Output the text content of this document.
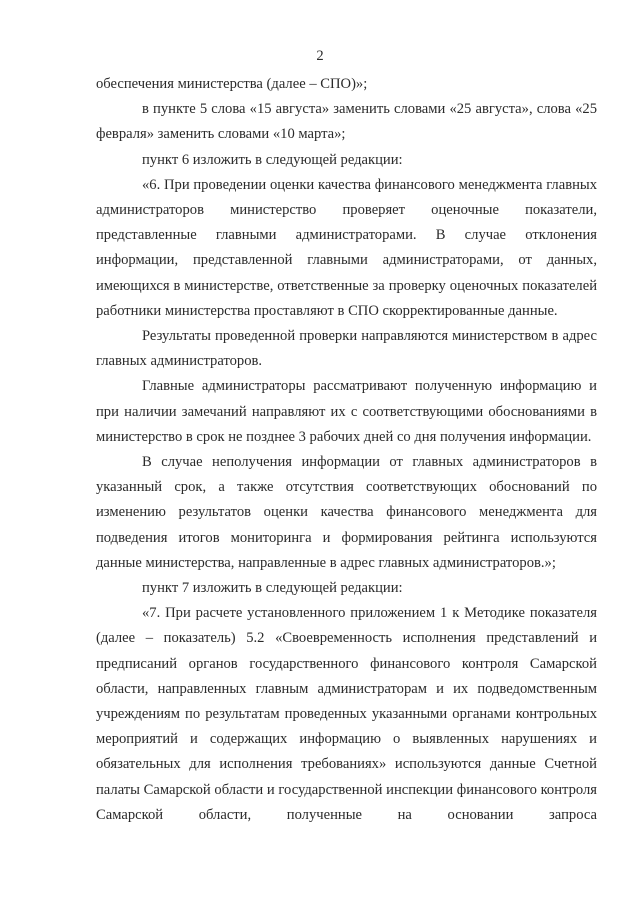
2

обеспечения министерства (далее – СПО)»;

в пункте 5 слова «15 августа» заменить словами «25 августа», слова «25 февраля» заменить словами «10 марта»;

пункт 6 изложить в следующей редакции:

«6. При проведении оценки качества финансового менеджмента главных администраторов министерство проверяет оценочные показатели, представленные главными администраторами. В случае отклонения информации, представленной главными администраторами, от данных, имеющихся в министерстве, ответственные за проверку оценочных показателей работники министерства проставляют в СПО скорректированные данные.

Результаты проведенной проверки направляются министерством в адрес главных администраторов.

Главные администраторы рассматривают полученную информацию и при наличии замечаний направляют их с соответствующими обоснованиями в министерство в срок не позднее 3 рабочих дней со дня получения информации.

В случае неполучения информации от главных администраторов в указанный срок, а также отсутствия соответствующих обоснований по изменению результатов оценки качества финансового менеджмента для подведения итогов мониторинга и формирования рейтинга используются данные министерства, направленные в адрес главных администраторов.»;

пункт 7 изложить в следующей редакции:

«7. При расчете установленного приложением 1 к Методике показателя (далее – показатель) 5.2 «Своевременность исполнения представлений и предписаний органов государственного финансового контроля Самарской области, направленных главным администраторам и их подведомственным учреждениям по результатам проведенных указанными органами контрольных мероприятий и содержащих информацию о выявленных нарушениях и обязательных для исполнения требованиях» используются данные Счетной палаты Самарской области и государственной инспекции финансового контроля Самарской области, полученные на основании запроса
